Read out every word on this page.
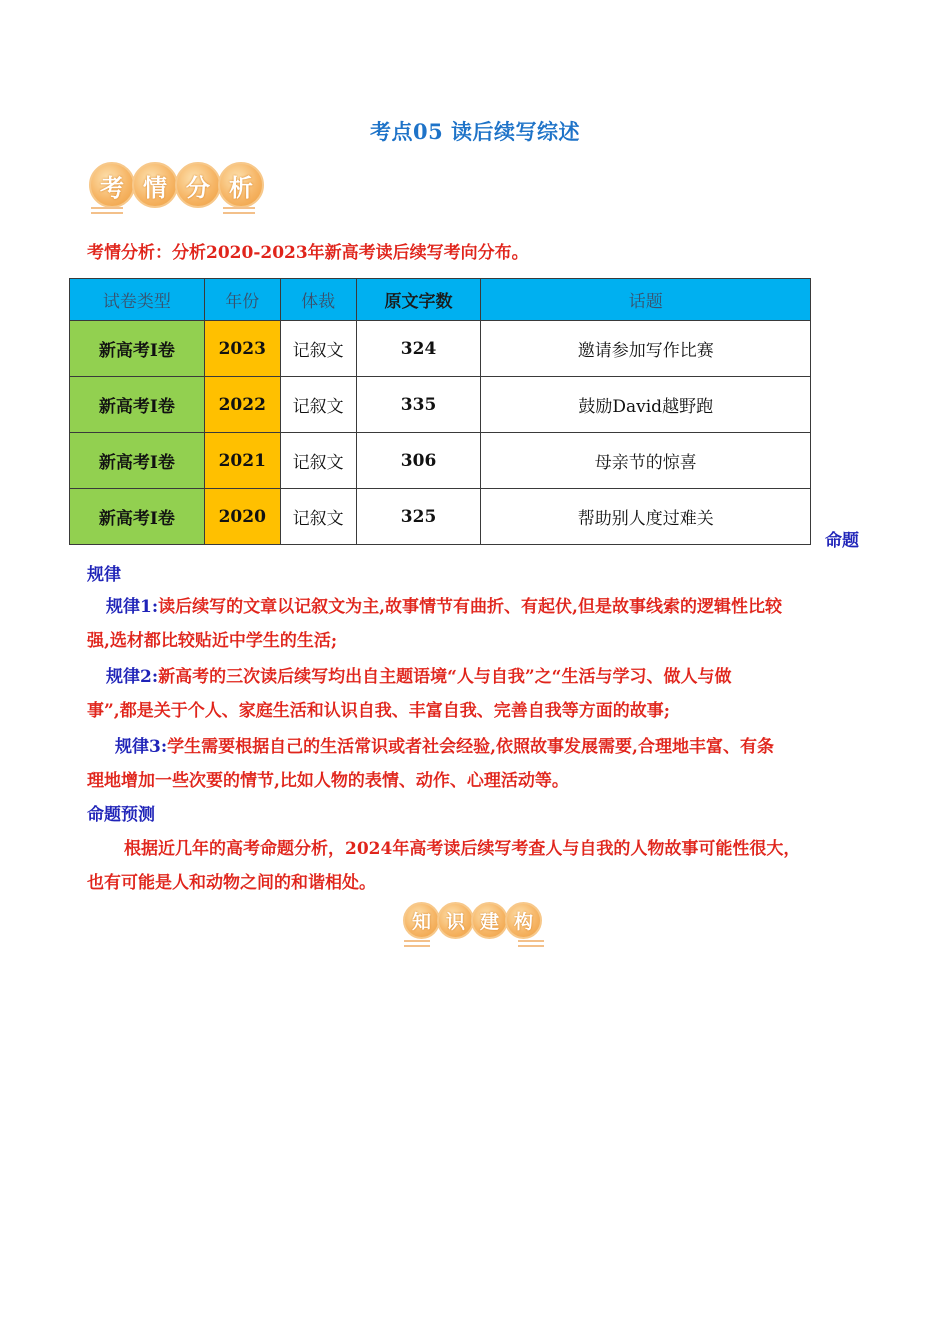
考点05 读后续写综述
考 情 分 析
考情分析：分析2020-2023年新高考读后续写考向分布。
试卷类型	年份	体裁	原文字数	话题
新高考I卷	2023	记叙文	324	邀请参加写作比赛
新高考I卷	2022	记叙文	335	鼓励David越野跑
新高考I卷	2021	记叙文	306	母亲节的惊喜
新高考I卷	2020	记叙文	325	帮助别人度过难关
命题
规律
规律1:读后续写的文章以记叙文为主,故事情节有曲折、有起伏,但是故事线索的逻辑性比较
强,选材都比较贴近中学生的生活;
规律2:新高考的三次读后续写均出自主题语境“人与自我”之“生活与学习、做人与做
事”,都是关于个人、家庭生活和认识自我、丰富自我、完善自我等方面的故事;
规律3:学生需要根据自己的生活常识或者社会经验,依照故事发展需要,合理地丰富、有条
理地增加一些次要的情节,比如人物的表情、动作、心理活动等。
命题预测
根据近几年的高考命题分析，2024年高考读后续写考查人与自我的人物故事可能性很大，
也有可能是人和动物之间的和谐相处。
知 识 建 构
